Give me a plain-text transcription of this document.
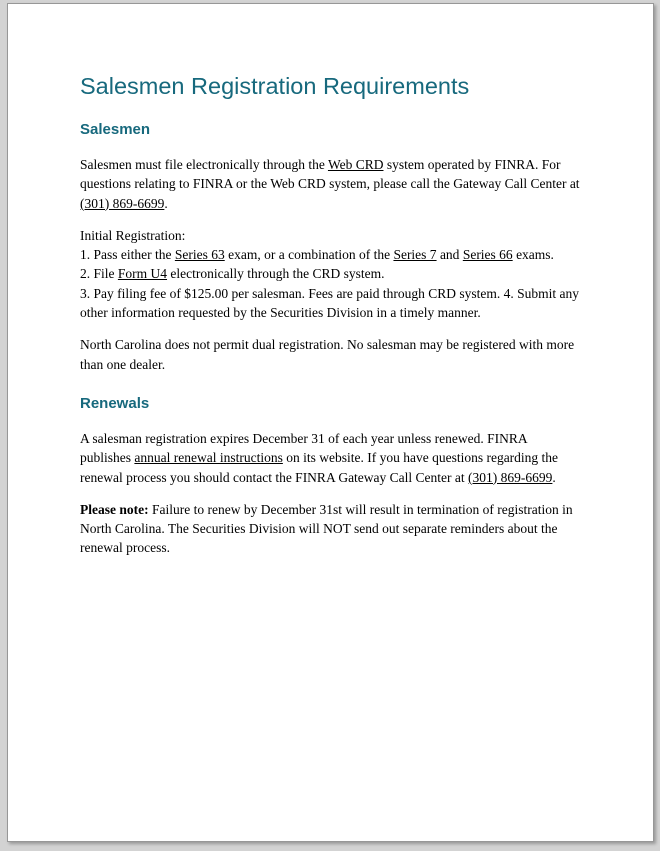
Salesmen Registration Requirements
Salesmen

Salesmen must file electronically through the Web CRD system operated by FINRA. For questions relating to FINRA or the Web CRD system, please call the Gateway Call Center at (301) 869-6699.

Initial Registration:
1. Pass either the Series 63 exam, or a combination of the Series 7 and Series 66 exams.
2. File Form U4 electronically through the CRD system.
3. Pay filing fee of $125.00 per salesman. Fees are paid through CRD system. 4. Submit any other information requested by the Securities Division in a timely manner.

North Carolina does not permit dual registration. No salesman may be registered with more than one dealer.

Renewals

A salesman registration expires December 31 of each year unless renewed. FINRA
publishes annual renewal instructions on its website. If you have questions regarding the renewal process you should contact the FINRA Gateway Call Center at (301) 869-6699.

Please note: Failure to renew by December 31st will result in termination of registration in North Carolina. The Securities Division will NOT send out separate reminders about the renewal process.
